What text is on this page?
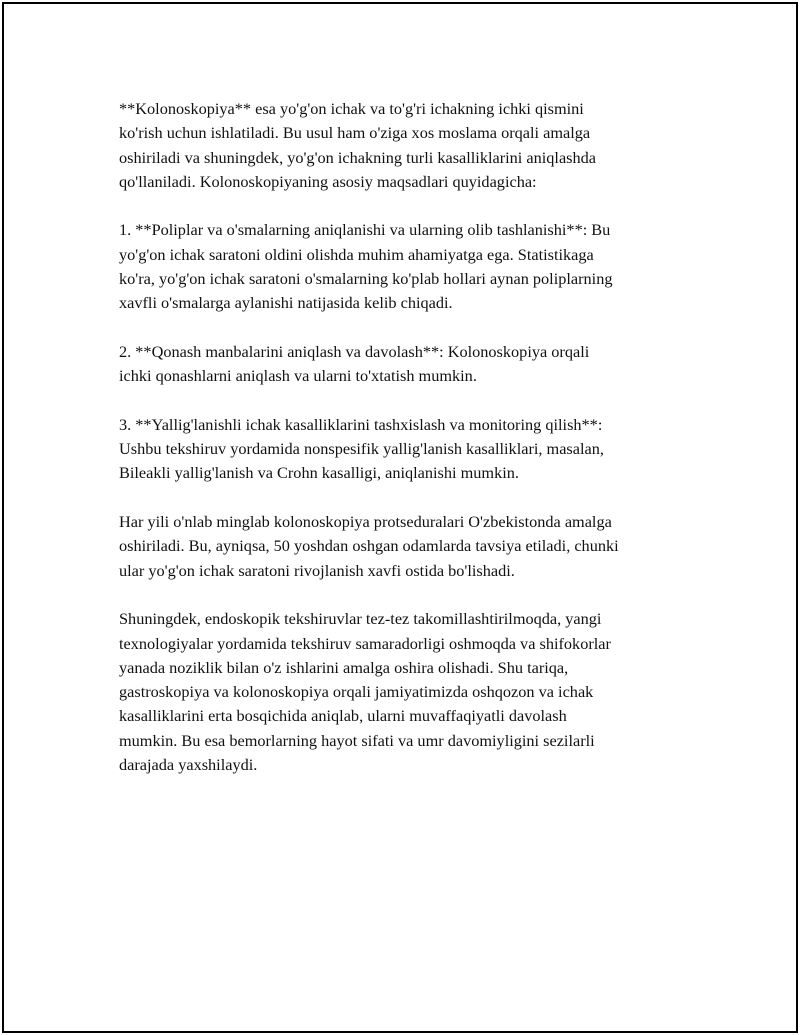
**Kolonoskopiya** esa yo'g'on ichak va to'g'ri ichakning ichki qismini
ko'rish uchun ishlatiladi. Bu usul ham o'ziga xos moslama orqali amalga
oshiriladi va shuningdek, yo'g'on ichakning turli kasalliklarini aniqlashda
qo'llaniladi. Kolonoskopiyaning asosiy maqsadlari quyidagicha:

1. **Poliplar va o'smalarning aniqlanishi va ularning olib tashlanishi**: Bu
yo'g'on ichak saratoni oldini olishda muhim ahamiyatga ega. Statistikaga
ko'ra, yo'g'on ichak saratoni o'smalarning ko'plab hollari aynan poliplarning
xavfli o'smalarga aylanishi natijasida kelib chiqadi.

2. **Qonash manbalarini aniqlash va davolash**: Kolonoskopiya orqali
ichki qonashlarni aniqlash va ularni to'xtatish mumkin.

3. **Yallig'lanishli ichak kasalliklarini tashxislash va monitoring qilish**:
Ushbu tekshiruv yordamida nonspesifik yallig'lanish kasalliklari, masalan,
Bileakli yallig'lanish va Crohn kasalligi, aniqlanishi mumkin.

Har yili o'nlab minglab kolonoskopiya protseduralari O'zbekistonda amalga
oshiriladi. Bu, ayniqsa, 50 yoshdan oshgan odamlarda tavsiya etiladi, chunki
ular yo'g'on ichak saratoni rivojlanish xavfi ostida bo'lishadi.

Shuningdek, endoskopik tekshiruvlar tez-tez takomillashtirilmoqda, yangi
texnologiyalar yordamida tekshiruv samaradorligi oshmoqda va shifokorlar
yanada noziklik bilan o'z ishlarini amalga oshira olishadi. Shu tariqa,
gastroskopiya va kolonoskopiya orqali jamiyatimizda oshqozon va ichak
kasalliklarini erta bosqichida aniqlab, ularni muvaffaqiyatli davolash
mumkin. Bu esa bemorlarning hayot sifati va umr davomiyligini sezilarli
darajada yaxshilaydi.
